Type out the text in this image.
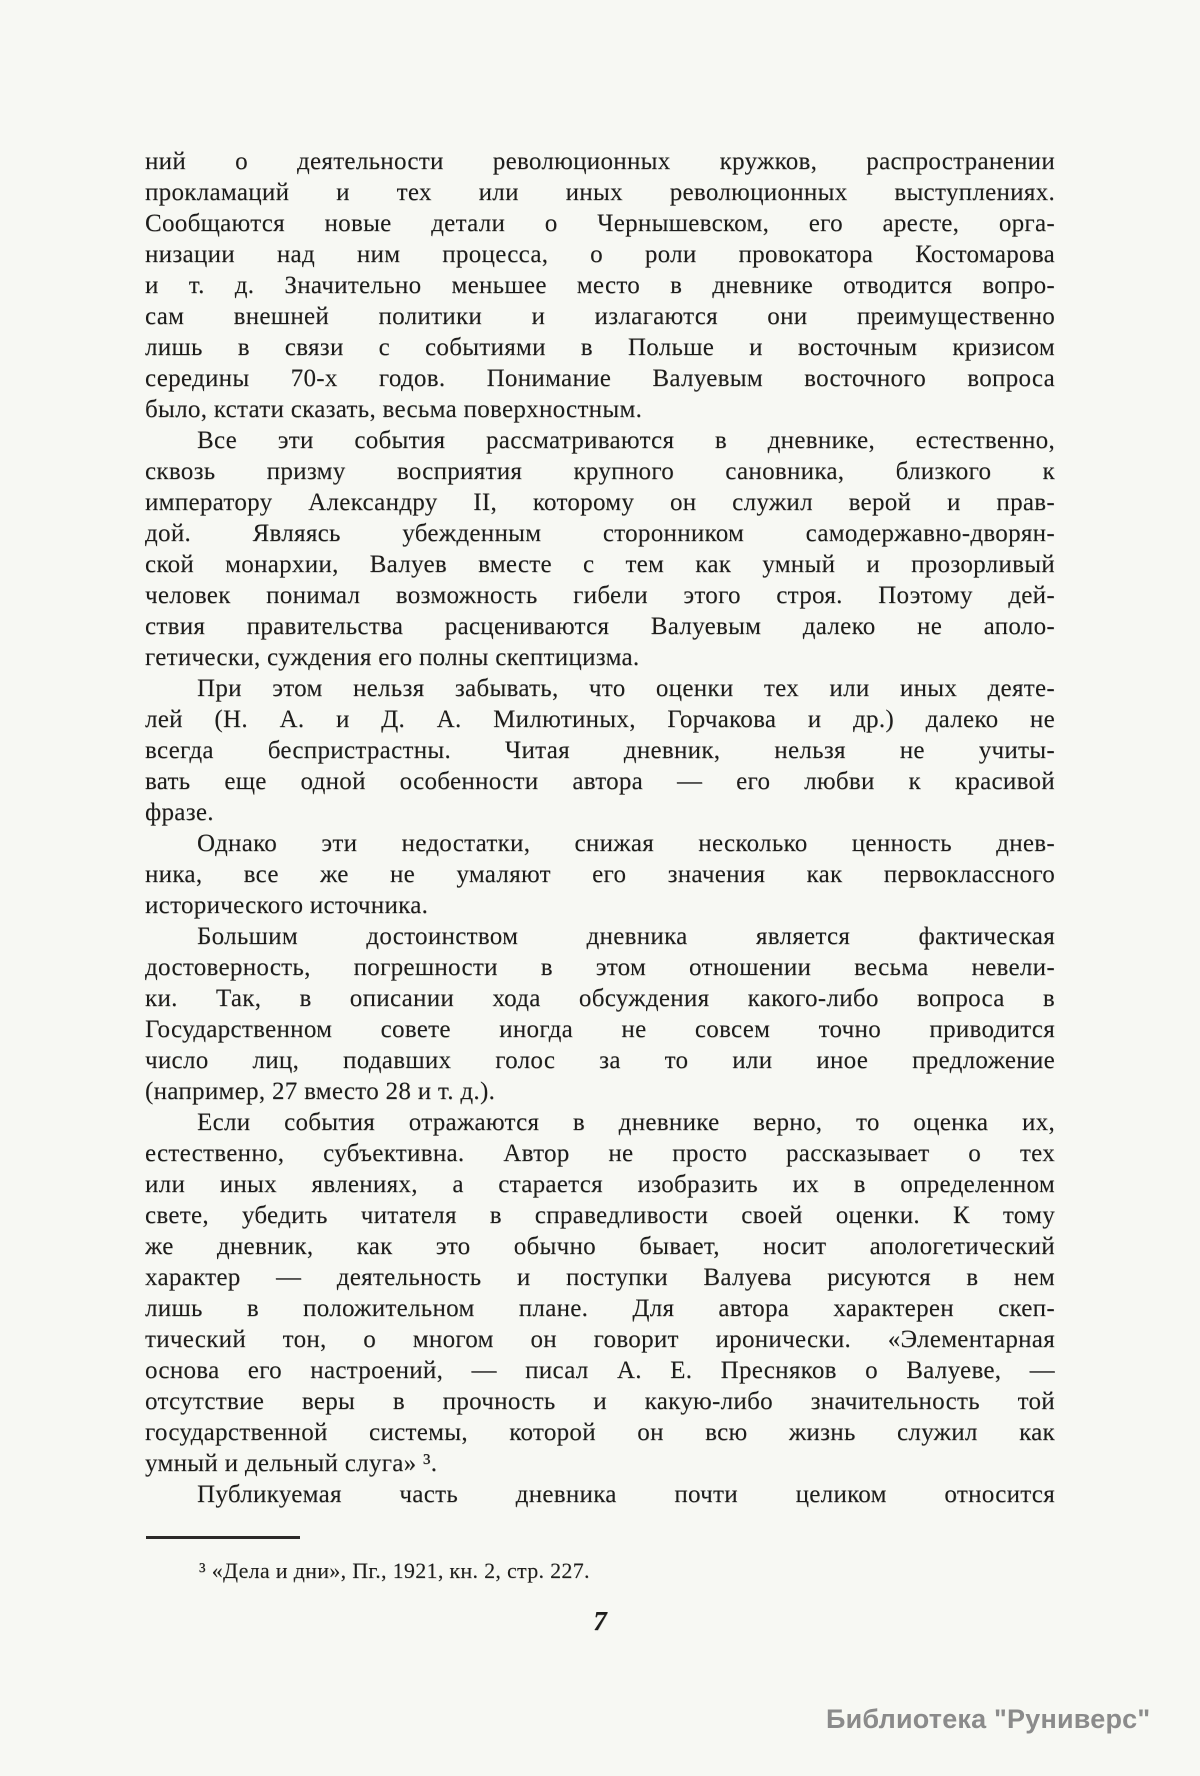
ний о деятельности революционных кружков, распространении
прокламаций и тех или иных революционных выступлениях.
Сообщаются новые детали о Чернышевском, его аресте, орга-
низации над ним процесса, о роли провокатора Костомарова
и т. д. Значительно меньшее место в дневнике отводится вопро-
сам внешней политики и излагаются они преимущественно
лишь в связи с событиями в Польше и восточным кризисом
середины 70-х годов. Понимание Валуевым восточного вопроса
было, кстати сказать, весьма поверхностным.
Все эти события рассматриваются в дневнике, естественно,
сквозь призму восприятия крупного сановника, близкого к
императору Александру II, которому он служил верой и прав-
дой. Являясь убежденным сторонником самодержавно-дворян-
ской монархии, Валуев вместе с тем как умный и прозорливый
человек понимал возможность гибели этого строя. Поэтому дей-
ствия правительства расцениваются Валуевым далеко не аполо-
гетически, суждения его полны скептицизма.
При этом нельзя забывать, что оценки тех или иных деяте-
лей (Н. А. и Д. А. Милютиных, Горчакова и др.) далеко не
всегда беспристрастны. Читая дневник, нельзя не учиты-
вать еще одной особенности автора — его любви к красивой
фразе.
Однако эти недостатки, снижая несколько ценность днев-
ника, все же не умаляют его значения как первоклассного
исторического источника.
Большим достоинством дневника является фактическая
достоверность, погрешности в этом отношении весьма невели-
ки. Так, в описании хода обсуждения какого-либо вопроса в
Государственном совете иногда не совсем точно приводится
число лиц, подавших голос за то или иное предложение
(например, 27 вместо 28 и т. д.).
Если события отражаются в дневнике верно, то оценка их,
естественно, субъективна. Автор не просто рассказывает о тех
или иных явлениях, а старается изобразить их в определенном
свете, убедить читателя в справедливости своей оценки. К тому
же дневник, как это обычно бывает, носит апологетический
характер — деятельность и поступки Валуева рисуются в нем
лишь в положительном плане. Для автора характерен скеп-
тический тон, о многом он говорит иронически. «Элементарная
основа его настроений, — писал А. Е. Пресняков о Валуеве, —
отсутствие веры в прочность и какую-либо значительность той
государственной системы, которой он всю жизнь служил как
умный и дельный слуга» ³.
Публикуемая часть дневника почти целиком относится
³ «Дела и дни», Пг., 1921, кн. 2, стр. 227.
7
Библиотека "Руниверс"
